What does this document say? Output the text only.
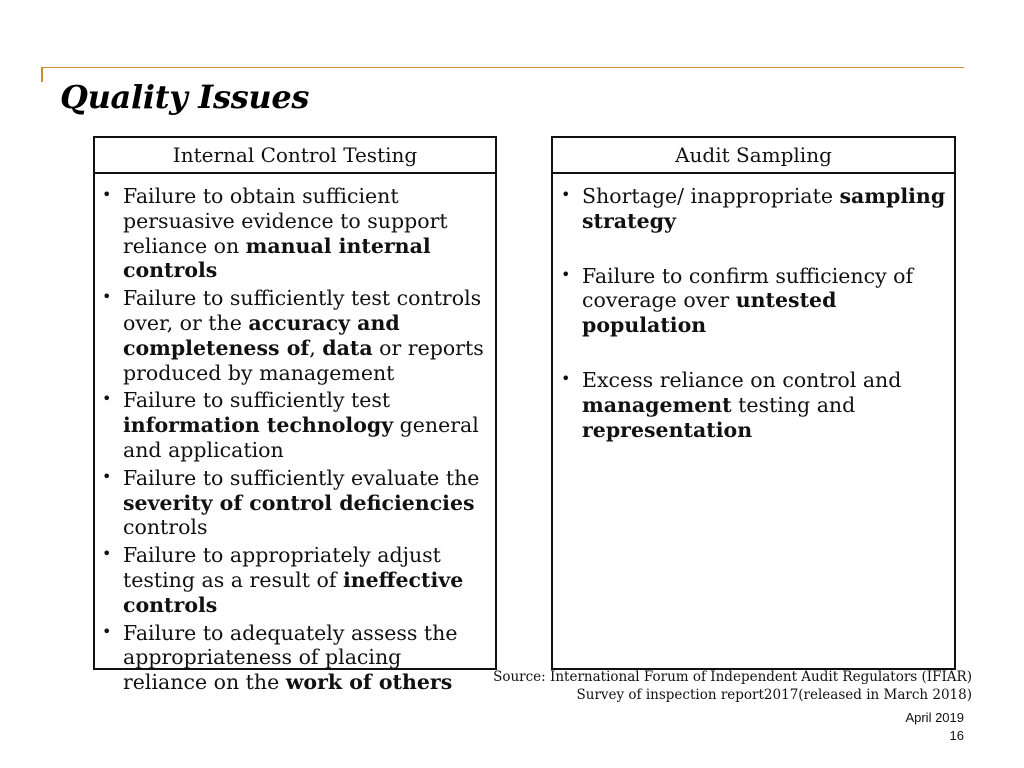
Quality Issues
Internal Control Testing
• Failure to obtain sufficient persuasive evidence to support reliance on manual internal controls
• Failure to sufficiently test controls over, or the accuracy and completeness of, data or reports produced by management
• Failure to sufficiently test information technology general and application
• Failure to sufficiently evaluate the severity of control deficiencies controls
• Failure to appropriately adjust testing as a result of ineffective controls
• Failure to adequately assess the appropriateness of placing reliance on the work of others
Audit Sampling
• Shortage/ inappropriate sampling strategy
• Failure to confirm sufficiency of coverage over untested population
• Excess reliance on control and management testing and representation
Source: International Forum of Independent Audit Regulators (IFIAR)
Survey of inspection report2017(released in March 2018)
April 2019
16
